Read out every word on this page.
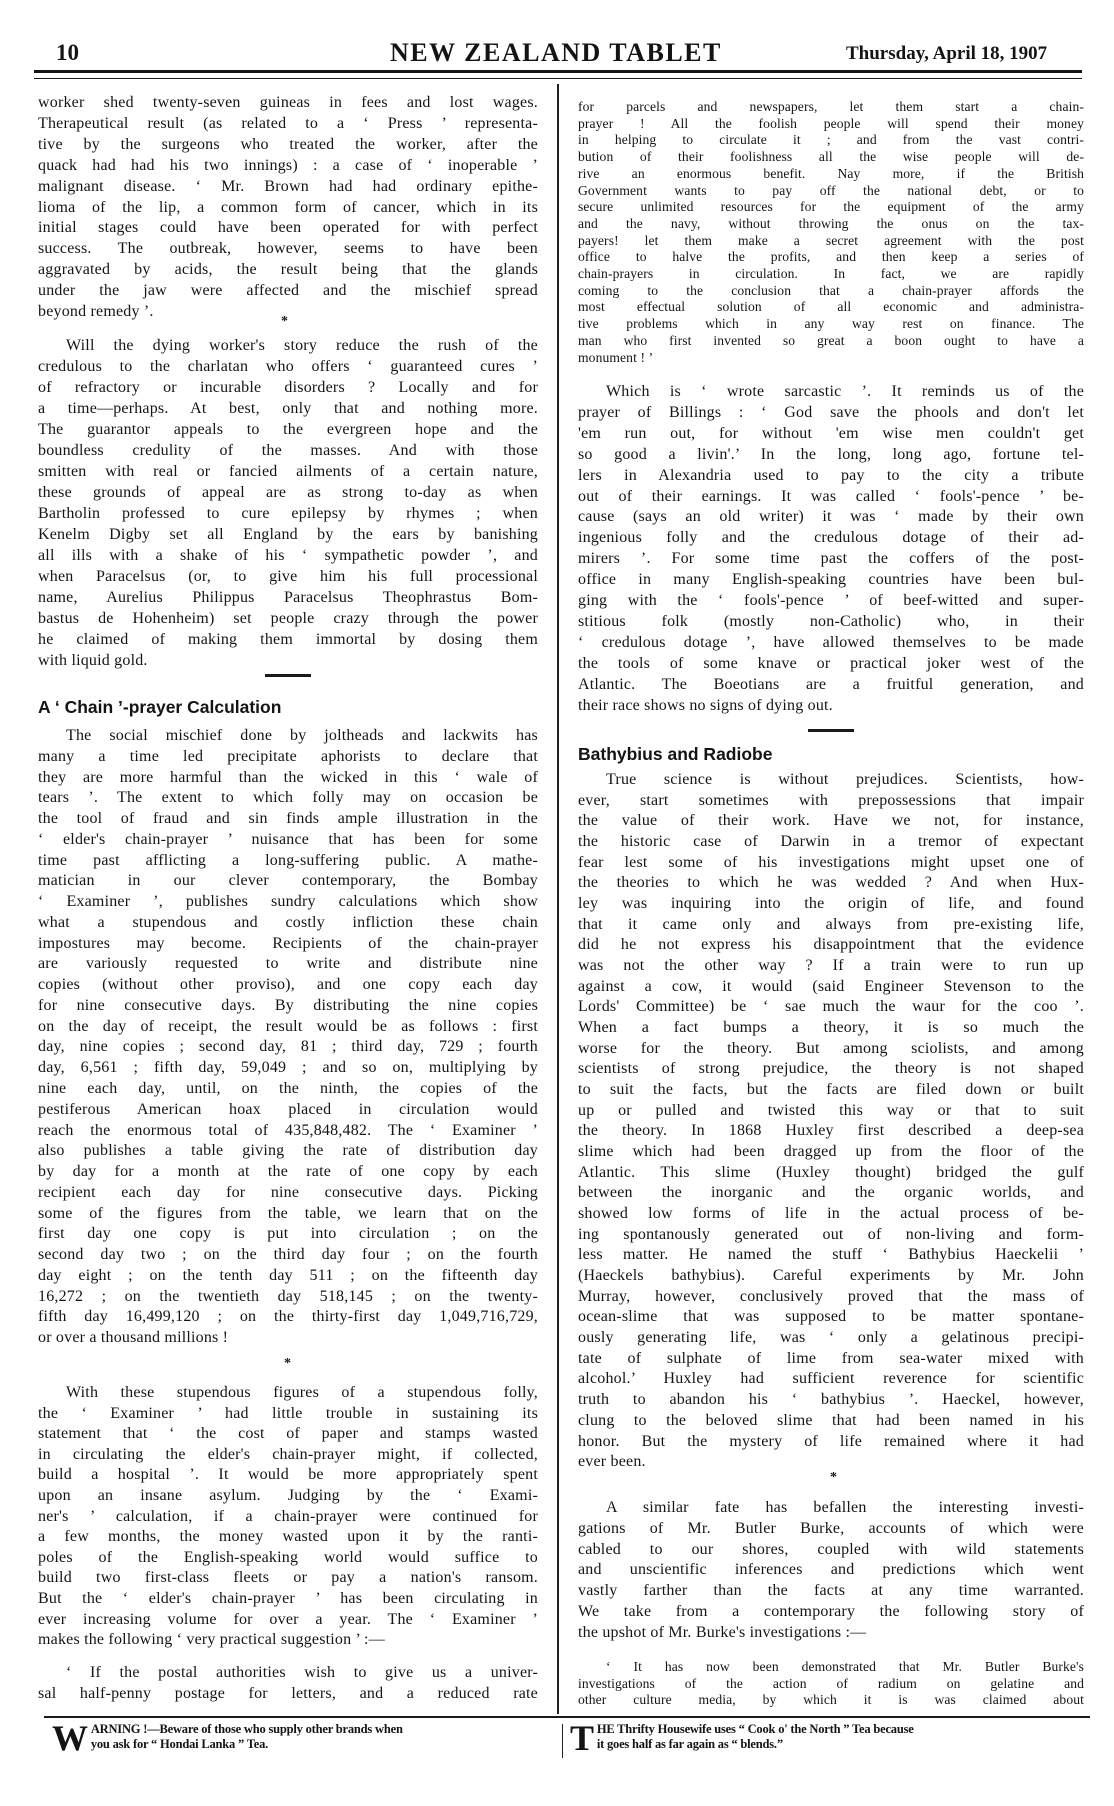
10	NEW ZEALAND TABLET	Thursday, April 18, 1907
worker shed twenty-seven guineas in fees and lost wages.
Therapeutical result (as related to a ‘ Press ’ representa-
tive by the surgeons who treated the worker, after the
quack had had his two innings) : a case of ‘ inoperable ’
malignant disease. ‘ Mr. Brown had had ordinary epithe-
lioma of the lip, a common form of cancer, which in its
initial stages could have been operated for with perfect
success. The outbreak, however, seems to have been
aggravated by acids, the result being that the glands
under the jaw were affected and the mischief spread
beyond remedy ’.
*
Will the dying worker's story reduce the rush of the
credulous to the charlatan who offers ‘ guaranteed cures ’
of refractory or incurable disorders ? Locally and for
a time—perhaps. At best, only that and nothing more.
The guarantor appeals to the evergreen hope and the
boundless credulity of the masses. And with those
smitten with real or fancied ailments of a certain nature,
these grounds of appeal are as strong to-day as when
Bartholin professed to cure epilepsy by rhymes ; when
Kenelm Digby set all England by the ears by banishing
all ills with a shake of his ‘ sympathetic powder ’, and
when Paracelsus (or, to give him his full processional
name, Aurelius Philippus Paracelsus Theophrastus Bom-
bastus de Hohenheim) set people crazy through the power
he claimed of making them immortal by dosing them
with liquid gold.
A ‘ Chain ’-prayer Calculation
The social mischief done by joltheads and lackwits has
many a time led precipitate aphorists to declare that
they are more harmful than the wicked in this ‘ wale of
tears ’. The extent to which folly may on occasion be
the tool of fraud and sin finds ample illustration in the
‘ elder's chain-prayer ’ nuisance that has been for some
time past afflicting a long-suffering public. A mathe-
matician in our clever contemporary, the Bombay
‘ Examiner ’, publishes sundry calculations which show
what a stupendous and costly infliction these chain
impostures may become. Recipients of the chain-prayer
are variously requested to write and distribute nine
copies (without other proviso), and one copy each day
for nine consecutive days. By distributing the nine copies
on the day of receipt, the result would be as follows : first
day, nine copies ; second day, 81 ; third day, 729 ; fourth
day, 6,561 ; fifth day, 59,049 ; and so on, multiplying by
nine each day, until, on the ninth, the copies of the
pestiferous American hoax placed in circulation would
reach the enormous total of 435,848,482. The ‘ Examiner ’
also publishes a table giving the rate of distribution day
by day for a month at the rate of one copy by each
recipient each day for nine consecutive days. Picking
some of the figures from the table, we learn that on the
first day one copy is put into circulation ; on the
second day two ; on the third day four ; on the fourth
day eight ; on the tenth day 511 ; on the fifteenth day
16,272 ; on the twentieth day 518,145 ; on the twenty-
fifth day 16,499,120 ; on the thirty-first day 1,049,716,729,
or over a thousand millions !
*
With these stupendous figures of a stupendous folly,
the ‘ Examiner ’ had little trouble in sustaining its
statement that ‘ the cost of paper and stamps wasted
in circulating the elder's chain-prayer might, if collected,
build a hospital ’. It would be more appropriately spent
upon an insane asylum. Judging by the ‘ Exami-
ner's ’ calculation, if a chain-prayer were continued for
a few months, the money wasted upon it by the ranti-
poles of the English-speaking world would suffice to
build two first-class fleets or pay a nation's ransom.
But the ‘ elder's chain-prayer ’ has been circulating in
ever increasing volume for over a year. The ‘ Examiner ’
makes the following ‘ very practical suggestion ’ :—
‘ If the postal authorities wish to give us a univer-
sal half-penny postage for letters, and a reduced rate
for parcels and newspapers, let them start a chain-
prayer ! All the foolish people will spend their money
in helping to circulate it ; and from the vast contri-
bution of their foolishness all the wise people will de-
rive an enormous benefit. Nay more, if the British
Government wants to pay off the national debt, or to
secure unlimited resources for the equipment of the army
and the navy, without throwing the onus on the tax-
payers! let them make a secret agreement with the post
office to halve the profits, and then keep a series of
chain-prayers in circulation. In fact, we are rapidly
coming to the conclusion that a chain-prayer affords the
most effectual solution of all economic and administra-
tive problems which in any way rest on finance. The
man who first invented so great a boon ought to have a
monument ! ’
Which is ‘ wrote sarcastic ’. It reminds us of the
prayer of Billings : ‘ God save the phools and don't let
'em run out, for without 'em wise men couldn't get
so good a livin'.’ In the long, long ago, fortune tel-
lers in Alexandria used to pay to the city a tribute
out of their earnings. It was called ‘ fools'-pence ’ be-
cause (says an old writer) it was ‘ made by their own
ingenious folly and the credulous dotage of their ad-
mirers ’. For some time past the coffers of the post-
office in many English-speaking countries have been bul-
ging with the ‘ fools'-pence ’ of beef-witted and super-
stitious folk (mostly non-Catholic) who, in their
‘ credulous dotage ’, have allowed themselves to be made
the tools of some knave or practical joker west of the
Atlantic. The Boeotians are a fruitful generation, and
their race shows no signs of dying out.
Bathybius and Radiobe
True science is without prejudices. Scientists, how-
ever, start sometimes with prepossessions that impair
the value of their work. Have we not, for instance,
the historic case of Darwin in a tremor of expectant
fear lest some of his investigations might upset one of
the theories to which he was wedded ? And when Hux-
ley was inquiring into the origin of life, and found
that it came only and always from pre-existing life,
did he not express his disappointment that the evidence
was not the other way ? If a train were to run up
against a cow, it would (said Engineer Stevenson to the
Lords' Committee) be ‘ sae much the waur for the coo ’.
When a fact bumps a theory, it is so much the
worse for the theory. But among sciolists, and among
scientists of strong prejudice, the theory is not shaped
to suit the facts, but the facts are filed down or built
up or pulled and twisted this way or that to suit
the theory. In 1868 Huxley first described a deep-sea
slime which had been dragged up from the floor of the
Atlantic. This slime (Huxley thought) bridged the gulf
between the inorganic and the organic worlds, and
showed low forms of life in the actual process of be-
ing spontanously generated out of non-living and form-
less matter. He named the stuff ‘ Bathybius Haeckelii ’
(Haeckels bathybius). Careful experiments by Mr. John
Murray, however, conclusively proved that the mass of
ocean-slime that was supposed to be matter spontane-
ously generating life, was ‘ only a gelatinous precipi-
tate of sulphate of lime from sea-water mixed with
alcohol.’ Huxley had sufficient reverence for scientific
truth to abandon his ‘ bathybius ’. Haeckel, however,
clung to the beloved slime that had been named in his
honor. But the mystery of life remained where it had
ever been.
*
A similar fate has befallen the interesting investi-
gations of Mr. Butler Burke, accounts of which were
cabled to our shores, coupled with wild statements
and unscientific inferences and predictions which went
vastly farther than the facts at any time warranted.
We take from a contemporary the following story of
the upshot of Mr. Burke's investigations :—
‘ It has now been demonstrated that Mr. Butler Burke's
investigations of the action of radium on gelatine and
other culture media, by which it is was claimed about
W ARNING !—Beware of those who supply other brands when
you ask for “ Hondai Lanka ” Tea.	T HE Thrifty Housewife uses “ Cook o' the North ” Tea because
it goes half as far again as “ blends.”
